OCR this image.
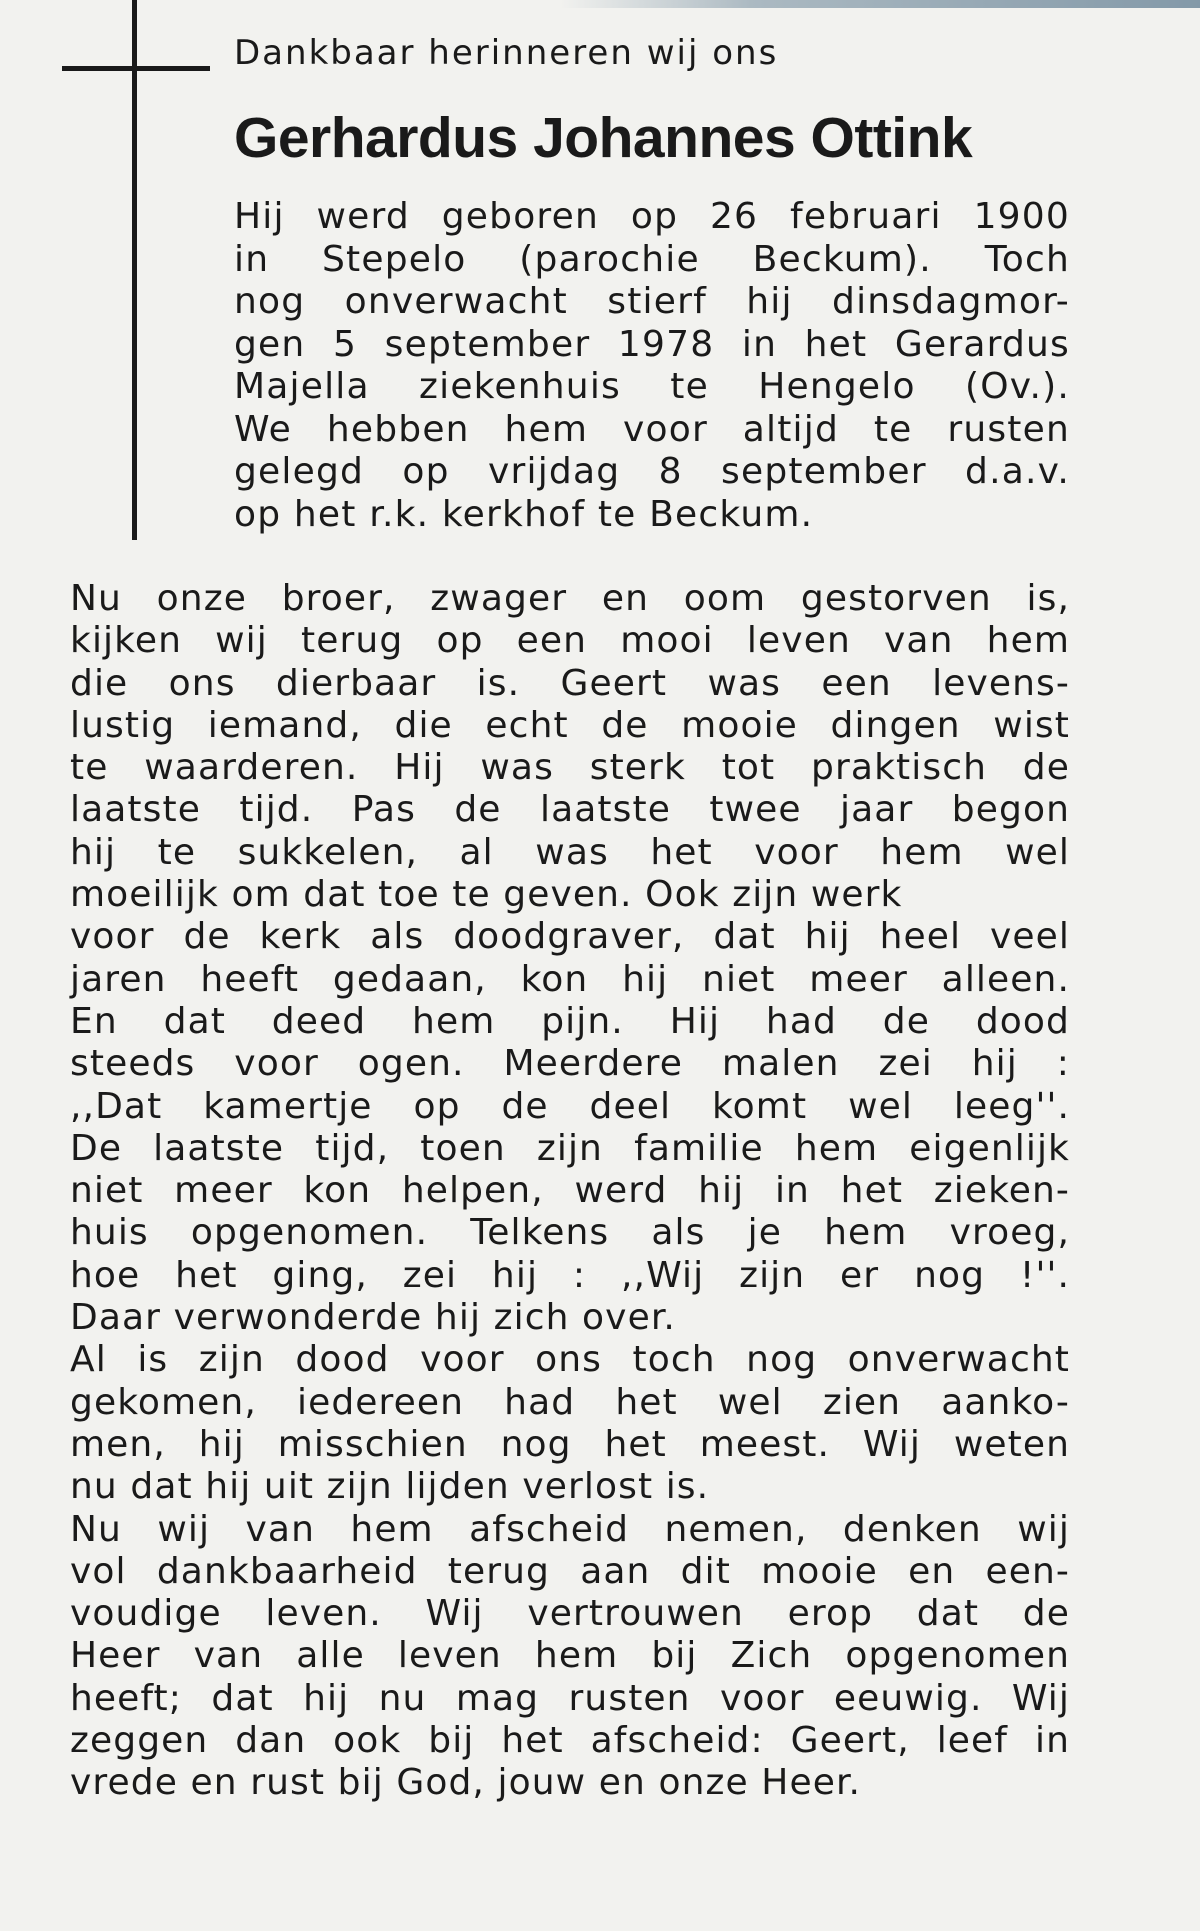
Dankbaar herinneren wij ons

Gerhardus Johannes Ottink
Hij werd geboren op 26 februari 1900
in Stepelo (parochie Beckum). Toch
nog onverwacht stierf hij dinsdagmor-
gen 5 september 1978 in het Gerardus
Majella ziekenhuis te Hengelo (Ov.).
We hebben hem voor altijd te rusten
gelegd op vrijdag 8 september d.a.v.
op het r.k. kerkhof te Beckum.
Nu onze broer, zwager en oom gestorven is,
kijken wij terug op een mooi leven van hem
die ons dierbaar is. Geert was een levens-
lustig iemand, die echt de mooie dingen wist
te waarderen. Hij was sterk tot praktisch de
laatste tijd. Pas de laatste twee jaar begon
hij te sukkelen, al was het voor hem wel
moeilijk om dat toe te geven. Ook zijn werk
voor de kerk als doodgraver, dat hij heel veel
jaren heeft gedaan, kon hij niet meer alleen.
En dat deed hem pijn. Hij had de dood
steeds voor ogen. Meerdere malen zei hij :
,,Dat kamertje op de deel komt wel leeg''.
De laatste tijd, toen zijn familie hem eigenlijk
niet meer kon helpen, werd hij in het zieken-
huis opgenomen. Telkens als je hem vroeg,
hoe het ging, zei hij : ,,Wij zijn er nog !''.
Daar verwonderde hij zich over.
Al is zijn dood voor ons toch nog onverwacht
gekomen, iedereen had het wel zien aanko-
men, hij misschien nog het meest. Wij weten
nu dat hij uit zijn lijden verlost is.
Nu wij van hem afscheid nemen, denken wij
vol dankbaarheid terug aan dit mooie en een-
voudige leven. Wij vertrouwen erop dat de
Heer van alle leven hem bij Zich opgenomen
heeft; dat hij nu mag rusten voor eeuwig. Wij
zeggen dan ook bij het afscheid: Geert, leef in
vrede en rust bij God, jouw en onze Heer.
